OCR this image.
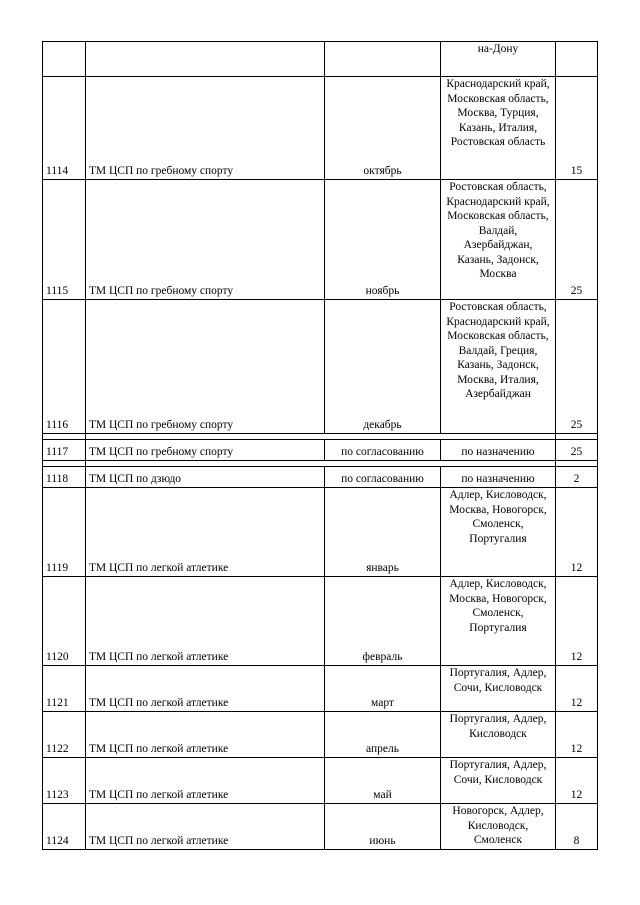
			на-Дону	
1114	ТМ ЦСП по гребному спорту	октябрь	Краснодарский край, Московская область, Москва, Турция, Казань, Италия, Ростовская область	15
1115	ТМ ЦСП по гребному спорту	ноябрь	Ростовская область, Краснодарский край, Московская область, Валдай, Азербайджан, Казань, Задонск, Москва	25
1116	ТМ ЦСП по гребному спорту	декабрь	Ростовская область, Краснодарский край, Московская область, Валдай, Греция, Казань, Задонск, Москва, Италия, Азербайджан	25

1117	ТМ ЦСП по гребному спорту	по согласованию	по назначению	25

1118	ТМ ЦСП по дзюдо	по согласованию	по назначению	2
1119	ТМ ЦСП по легкой атлетике	январь	Адлер, Кисловодск, Москва, Новогорск, Смоленск, Португалия	12
1120	ТМ ЦСП по легкой атлетике	февраль	Адлер, Кисловодск, Москва, Новогорск, Смоленск, Португалия	12
1121	ТМ ЦСП по легкой атлетике	март	Португалия, Адлер, Сочи, Кисловодск	12
1122	ТМ ЦСП по легкой атлетике	апрель	Португалия, Адлер, Кисловодск	12
1123	ТМ ЦСП по легкой атлетике	май	Португалия, Адлер, Сочи, Кисловодск	12
1124	ТМ ЦСП по легкой атлетике	июнь	Новогорск, Адлер, Кисловодск, Смоленск	8
